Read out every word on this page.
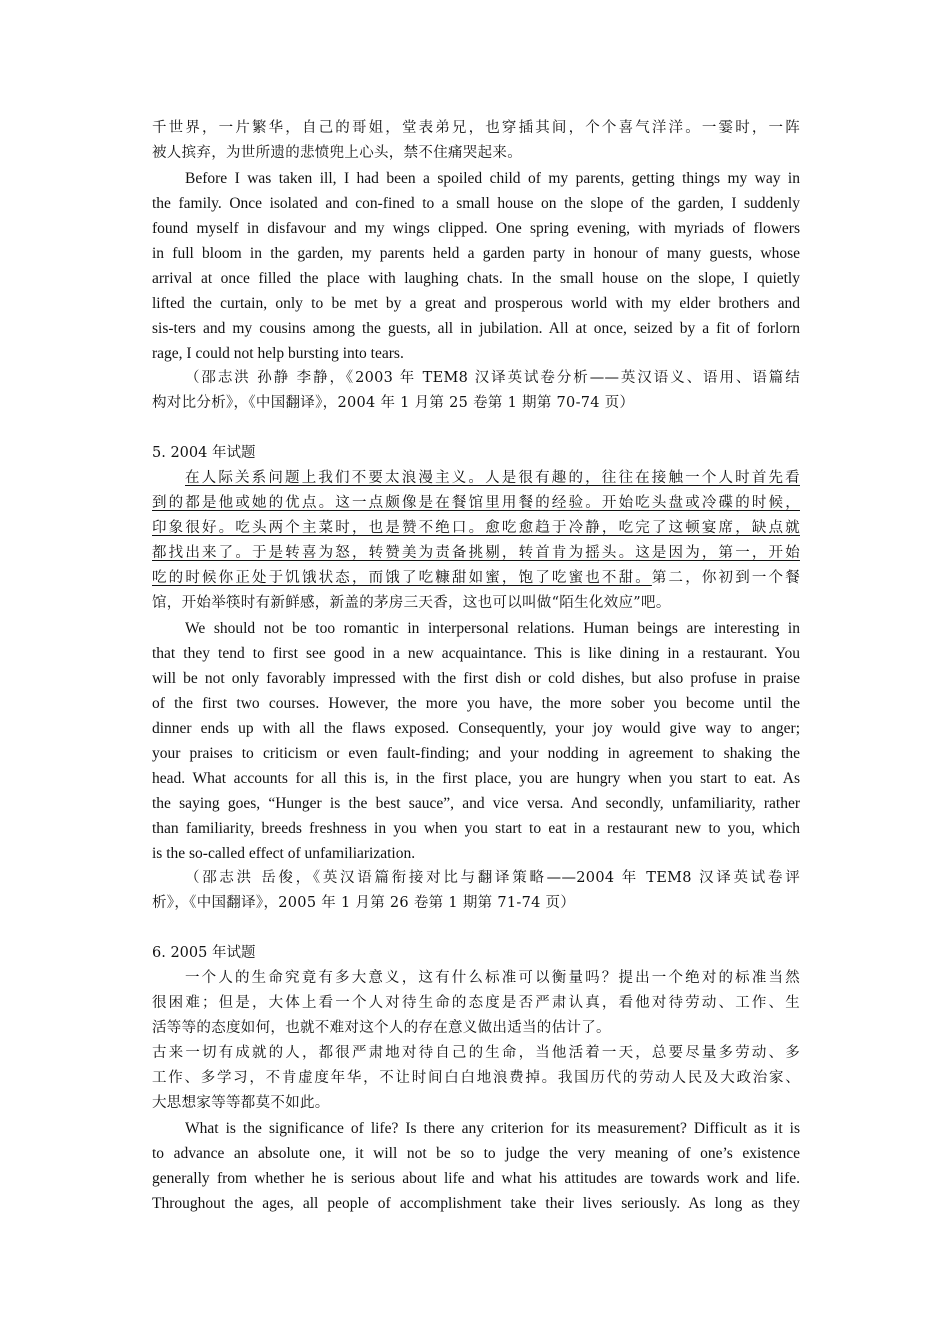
千世界，一片繁华，自己的哥姐，堂表弟兄，也穿插其间，个个喜气洋洋。一霎时，一阵
被人摈弃，为世所遗的悲愤兜上心头，禁不住痛哭起来。
Before I was taken ill, I had been a spoiled child of my parents, getting things my way in
the family. Once isolated and con-fined to a small house on the slope of the garden, I suddenly
found myself in disfavour and my wings clipped. One spring evening, with myriads of flowers
in full bloom in the garden, my parents held a garden party in honour of many guests, whose
arrival at once filled the place with laughing chats. In the small house on the slope, I quietly
lifted the curtain, only to be met by a great and prosperous world with my elder brothers and
sis-ters and my cousins among the guests, all in jubilation. All at once, seized by a fit of forlorn
rage, I could not help bursting into tears.
（邵志洪 孙静 李静，《2003 年 TEM8 汉译英试卷分析——英汉语义、语用、语篇结
构对比分析》，《中国翻译》，2004 年 1 月第 25 卷第 1 期第 70-74 页）
5. 2004 年试题
在人际关系问题上我们不要太浪漫主义。人是很有趣的，往往在接触一个人时首先看
到的都是他或她的优点。这一点颇像是在餐馆里用餐的经验。开始吃头盘或冷碟的时候，
印象很好。吃头两个主菜时，也是赞不绝口。愈吃愈趋于冷静，吃完了这顿宴席，缺点就
都找出来了。于是转喜为怒，转赞美为责备挑剔，转首肯为摇头。这是因为，第一，开始
吃的时候你正处于饥饿状态，而饿了吃糠甜如蜜，饱了吃蜜也不甜。第二，你初到一个餐
馆，开始举筷时有新鲜感，新盖的茅房三天香，这也可以叫做“陌生化效应”吧。
We should not be too romantic in interpersonal relations. Human beings are interesting in
that they tend to first see good in a new acquaintance. This is like dining in a restaurant. You
will be not only favorably impressed with the first dish or cold dishes, but also profuse in praise
of the first two courses. However, the more you have, the more sober you become until the
dinner ends up with all the flaws exposed. Consequently, your joy would give way to anger;
your praises to criticism or even fault-finding; and your nodding in agreement to shaking the
head. What accounts for all this is, in the first place, you are hungry when you start to eat. As
the saying goes, “Hunger is the best sauce”, and vice versa. And secondly, unfamiliarity, rather
than familiarity, breeds freshness in you when you start to eat in a restaurant new to you, which
is the so-called effect of unfamiliarization.
（邵志洪 岳俊，《英汉语篇衔接对比与翻译策略——2004 年 TEM8 汉译英试卷评
析》，《中国翻译》，2005 年 1 月第 26 卷第 1 期第 71-74 页）
6. 2005 年试题
一个人的生命究竟有多大意义，这有什么标准可以衡量吗？提出一个绝对的标准当然
很困难；但是，大体上看一个人对待生命的态度是否严肃认真，看他对待劳动、工作、生
活等等的态度如何，也就不难对这个人的存在意义做出适当的估计了。
古来一切有成就的人，都很严肃地对待自己的生命，当他活着一天，总要尽量多劳动、多
工作、多学习，不肯虚度年华，不让时间白白地浪费掉。我国历代的劳动人民及大政治家、
大思想家等等都莫不如此。
What is the significance of life? Is there any criterion for its measurement? Difficult as it is
to advance an absolute one, it will not be so to judge the very meaning of one’s existence
generally from whether he is serious about life and what his attitudes are towards work and life.
Throughout the ages, all people of accomplishment take their lives seriously. As long as they
